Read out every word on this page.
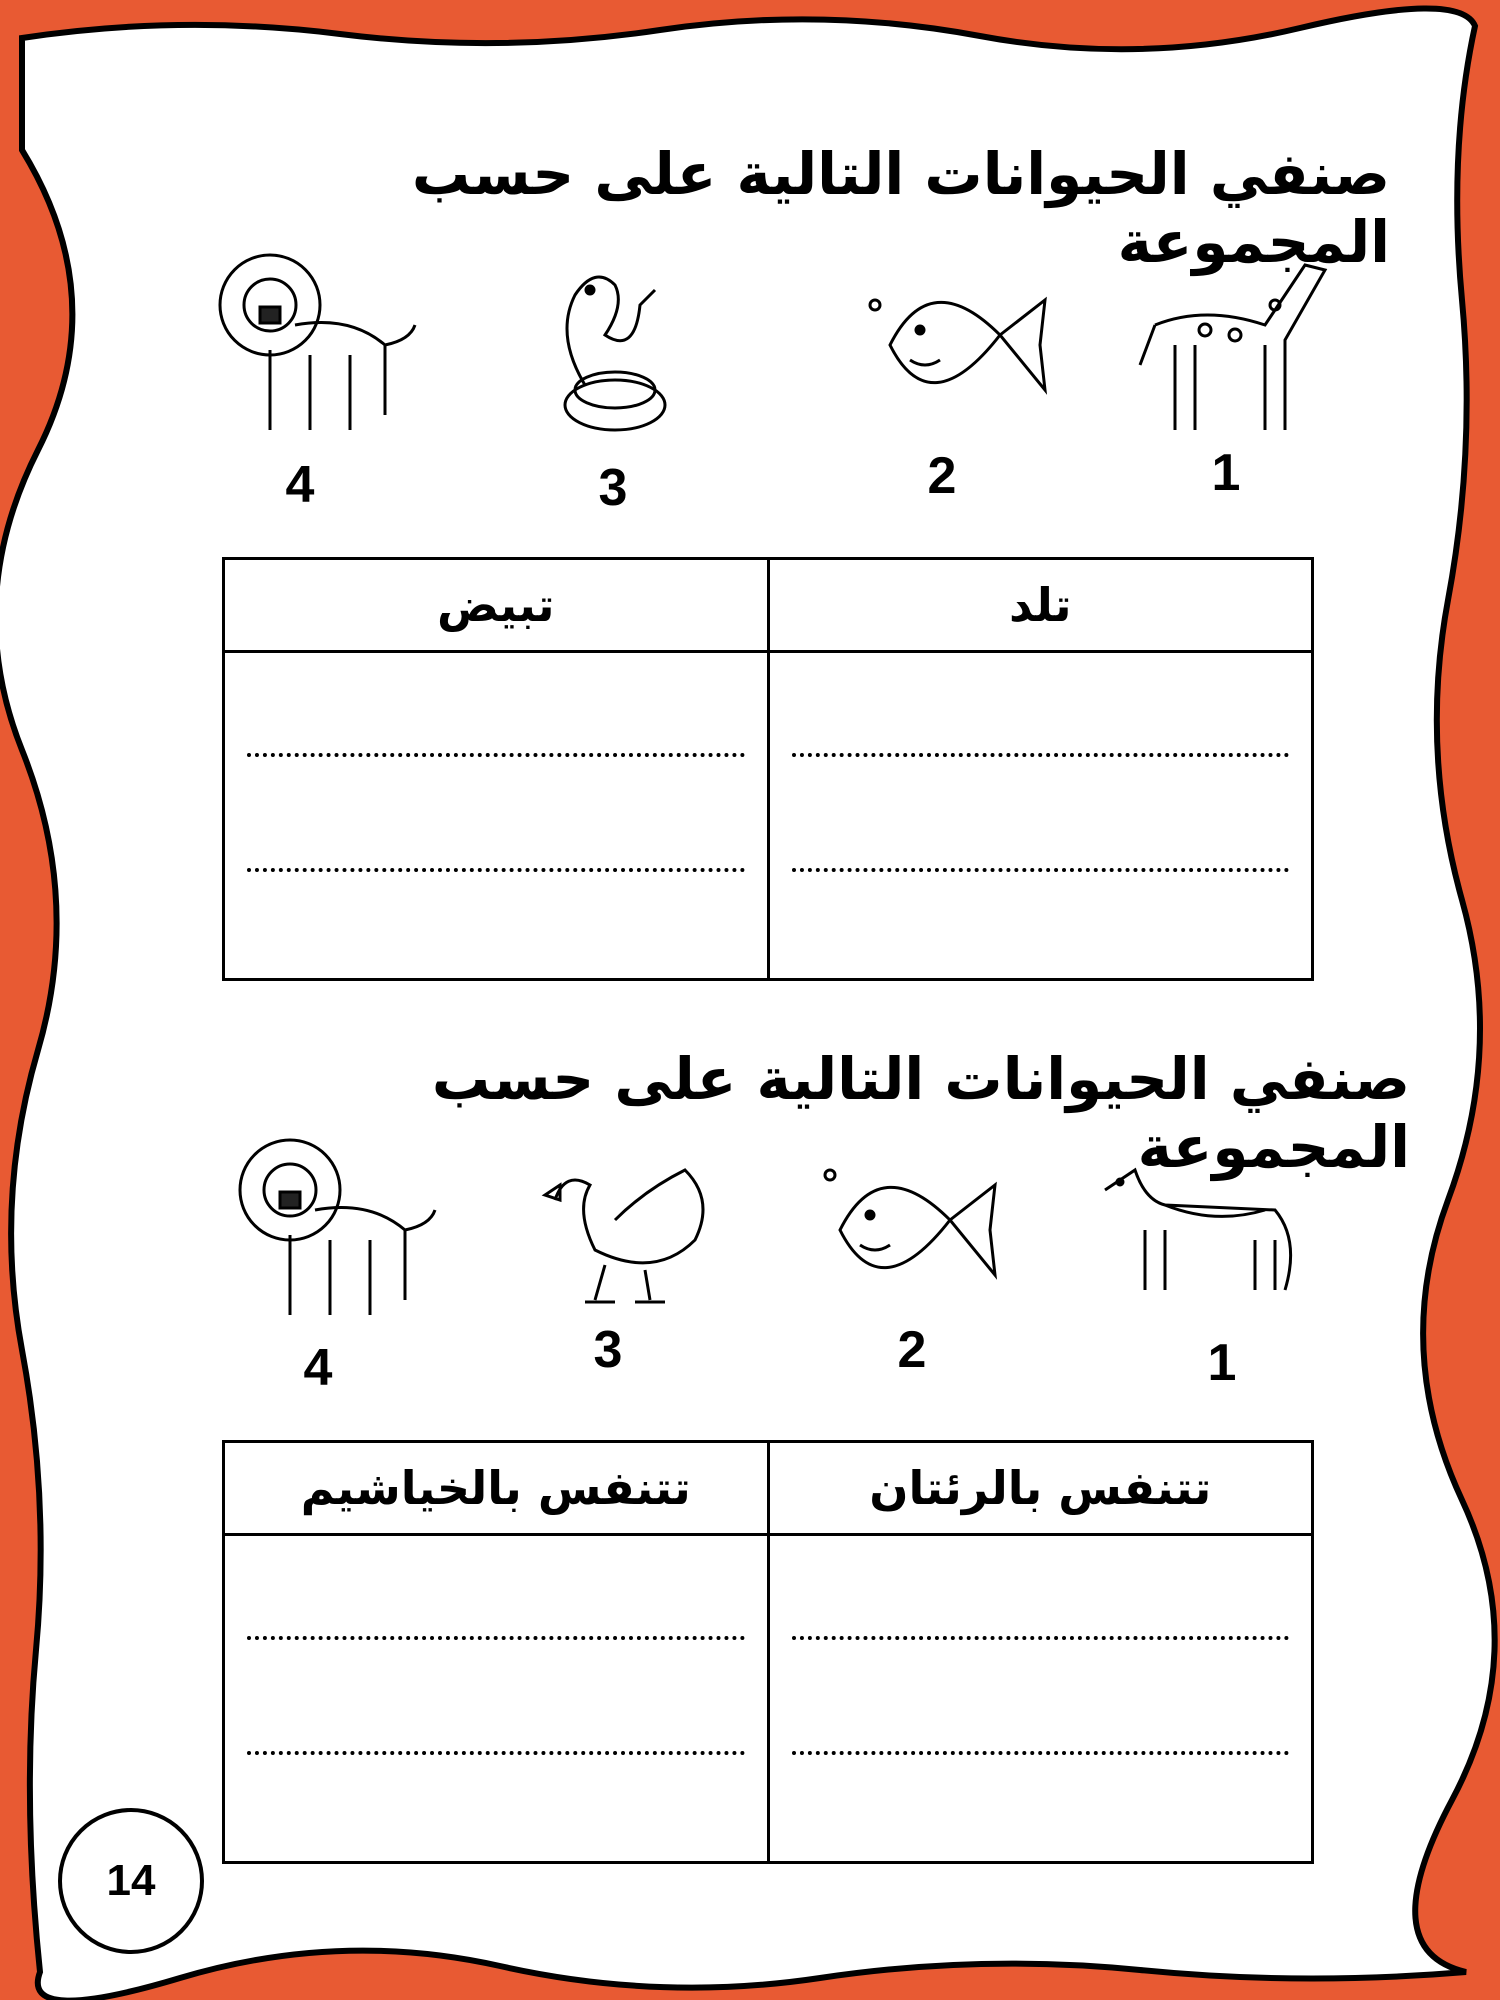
صنفي الحيوانات التالية على حسب المجموعة
4	3	2	1
تبيض	تلد

صنفي الحيوانات التالية على حسب المجموعة
4	3	2	1
تتنفس بالخياشيم	تتنفس بالرئتان

14
